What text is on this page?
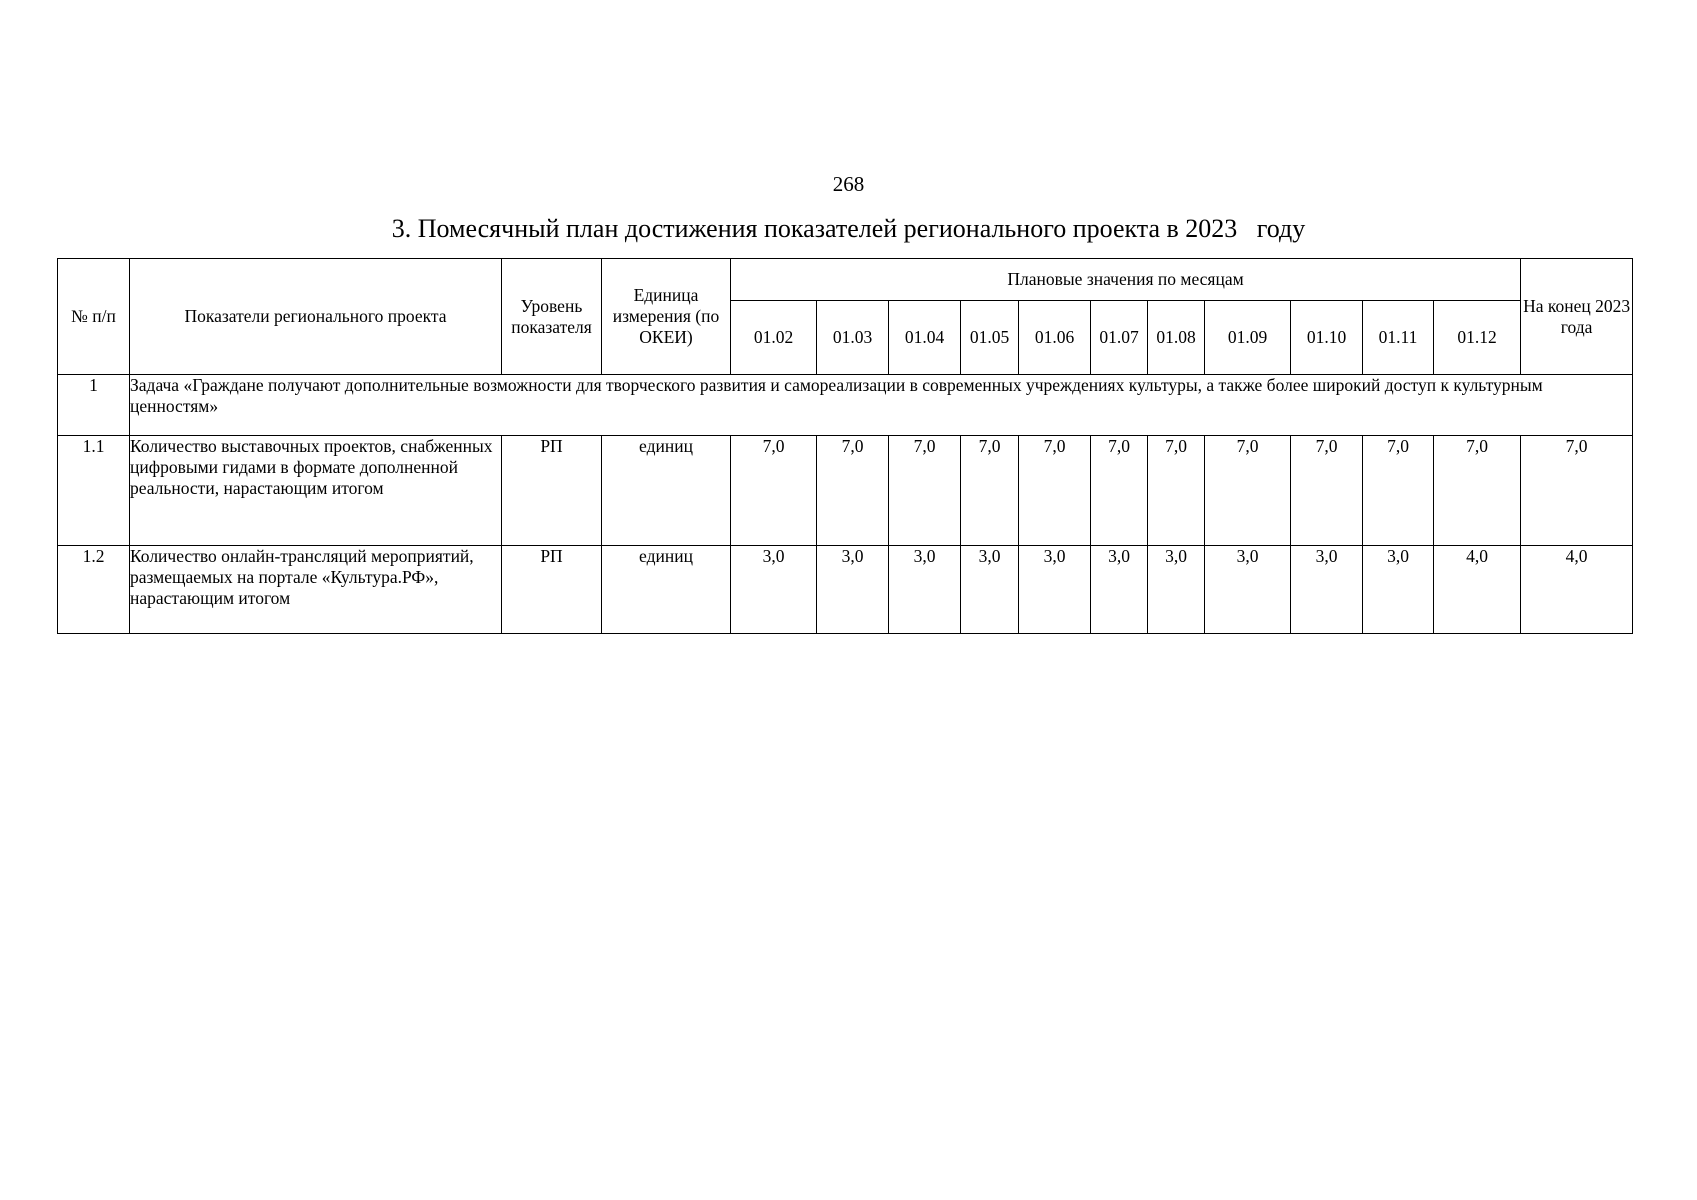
268
3. Помесячный план достижения показателей регионального проекта в 2023   году
№ п/п	Показатели регионального проекта	Уровень показателя	Единица измерения (по ОКЕИ)	Плановые значения по месяцам											На конец 2023 года
				01.02	01.03	01.04	01.05	01.06	01.07	01.08	01.09	01.10	01.11	01.12	
1	Задача «Граждане получают дополнительные возможности для творческого развития и самореализации в современных учреждениях культуры, а также более широкий доступ к культурным ценностям»														
1.1	Количество выставочных проектов, снабженных цифровыми гидами в формате дополненной реальности, нарастающим итогом	РП	единиц	7,0	7,0	7,0	7,0	7,0	7,0	7,0	7,0	7,0	7,0	7,0	7,0
1.2	Количество онлайн-трансляций мероприятий, размещаемых на портале «Культура.РФ», нарастающим итогом	РП	единиц	3,0	3,0	3,0	3,0	3,0	3,0	3,0	3,0	3,0	3,0	4,0	4,0
